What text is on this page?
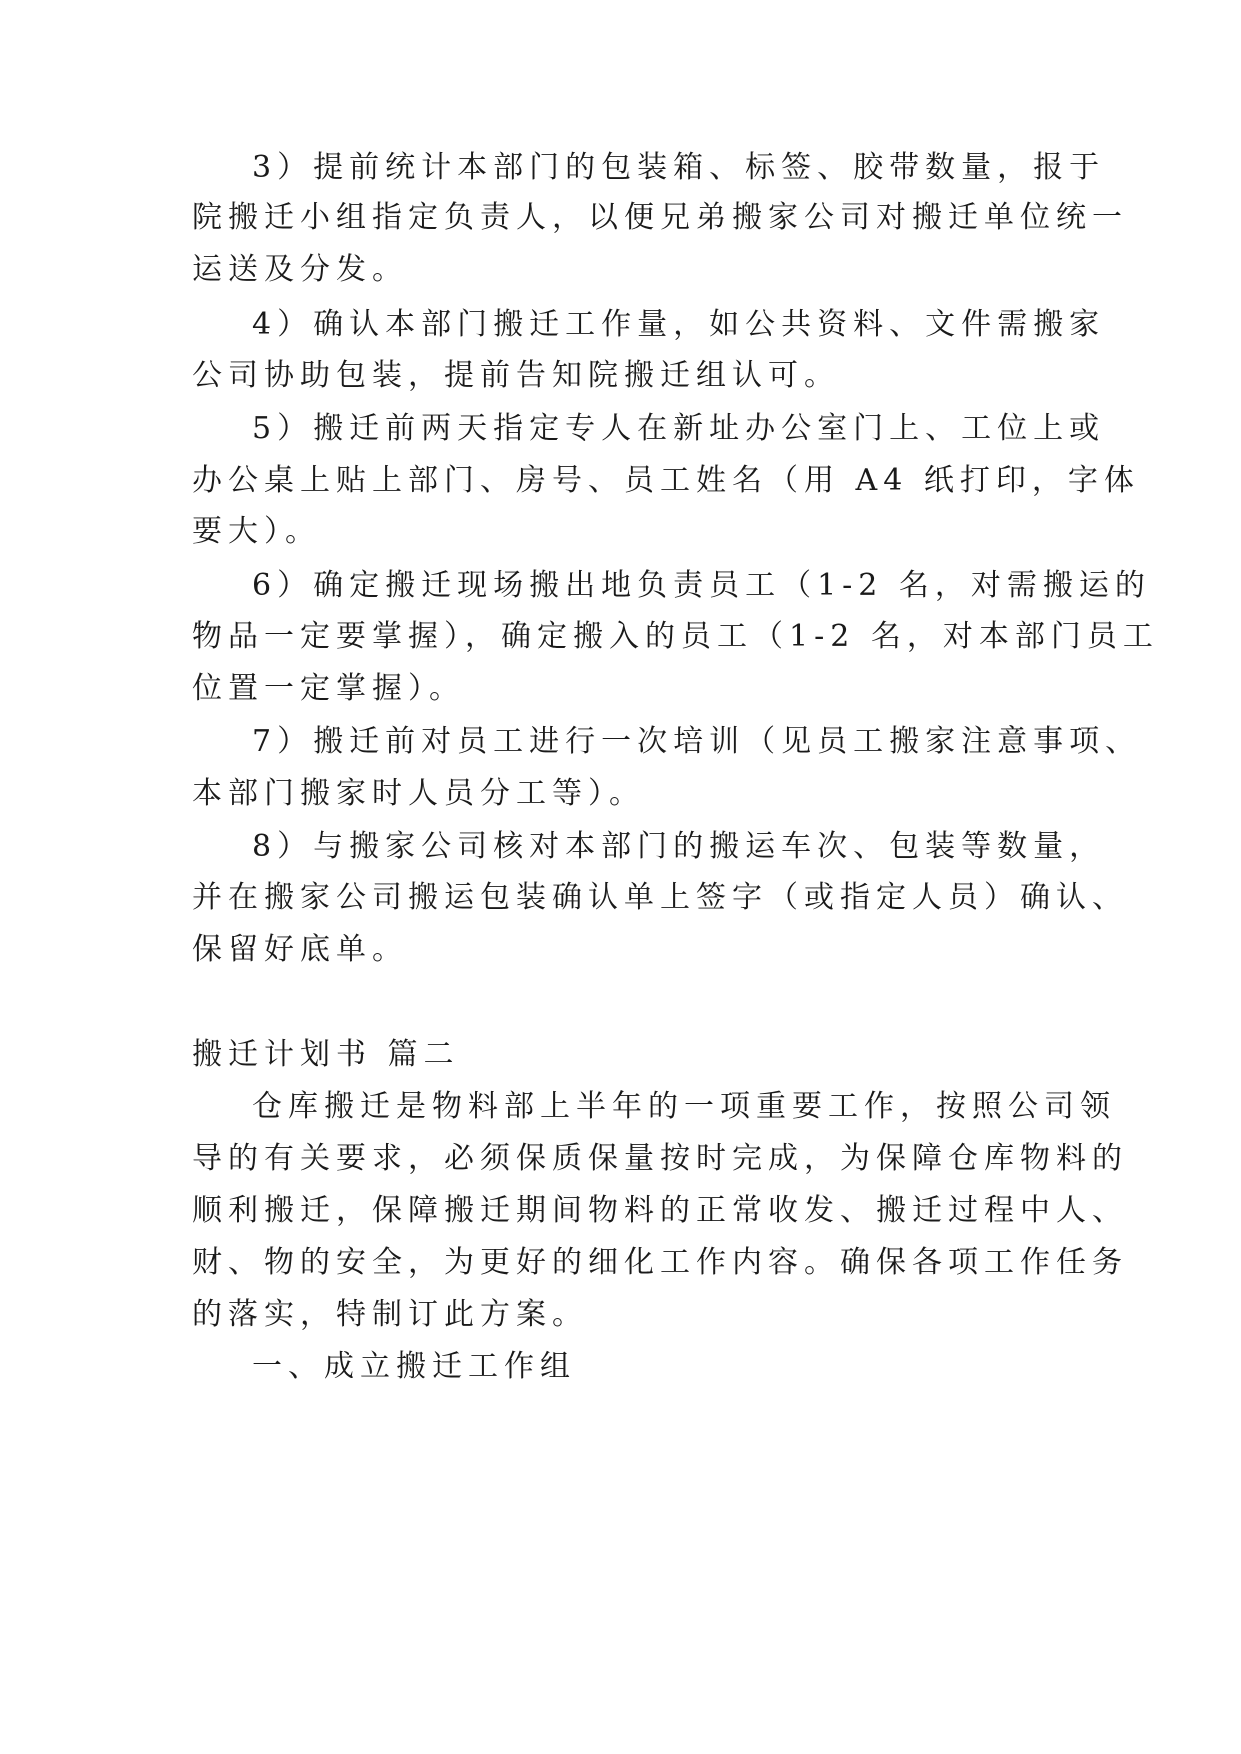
3）提前统计本部门的包装箱、标签、胶带数量，报于
院搬迁小组指定负责人，以便兄弟搬家公司对搬迁单位统一
运送及分发。
4）确认本部门搬迁工作量，如公共资料、文件需搬家
公司协助包装，提前告知院搬迁组认可。
5）搬迁前两天指定专人在新址办公室门上、工位上或
办公桌上贴上部门、房号、员工姓名（用 A4 纸打印，字体
要大）。
6）确定搬迁现场搬出地负责员工（1-2 名，对需搬运的
物品一定要掌握），确定搬入的员工（1-2 名，对本部门员工
位置一定掌握）。
7）搬迁前对员工进行一次培训（见员工搬家注意事项、
本部门搬家时人员分工等）。
8）与搬家公司核对本部门的搬运车次、包装等数量，
并在搬家公司搬运包装确认单上签字（或指定人员）确认、
保留好底单。
搬迁计划书 篇二
仓库搬迁是物料部上半年的一项重要工作，按照公司领
导的有关要求，必须保质保量按时完成，为保障仓库物料的
顺利搬迁，保障搬迁期间物料的正常收发、搬迁过程中人、
财、物的安全，为更好的细化工作内容。确保各项工作任务
的落实，特制订此方案。
一、成立搬迁工作组
